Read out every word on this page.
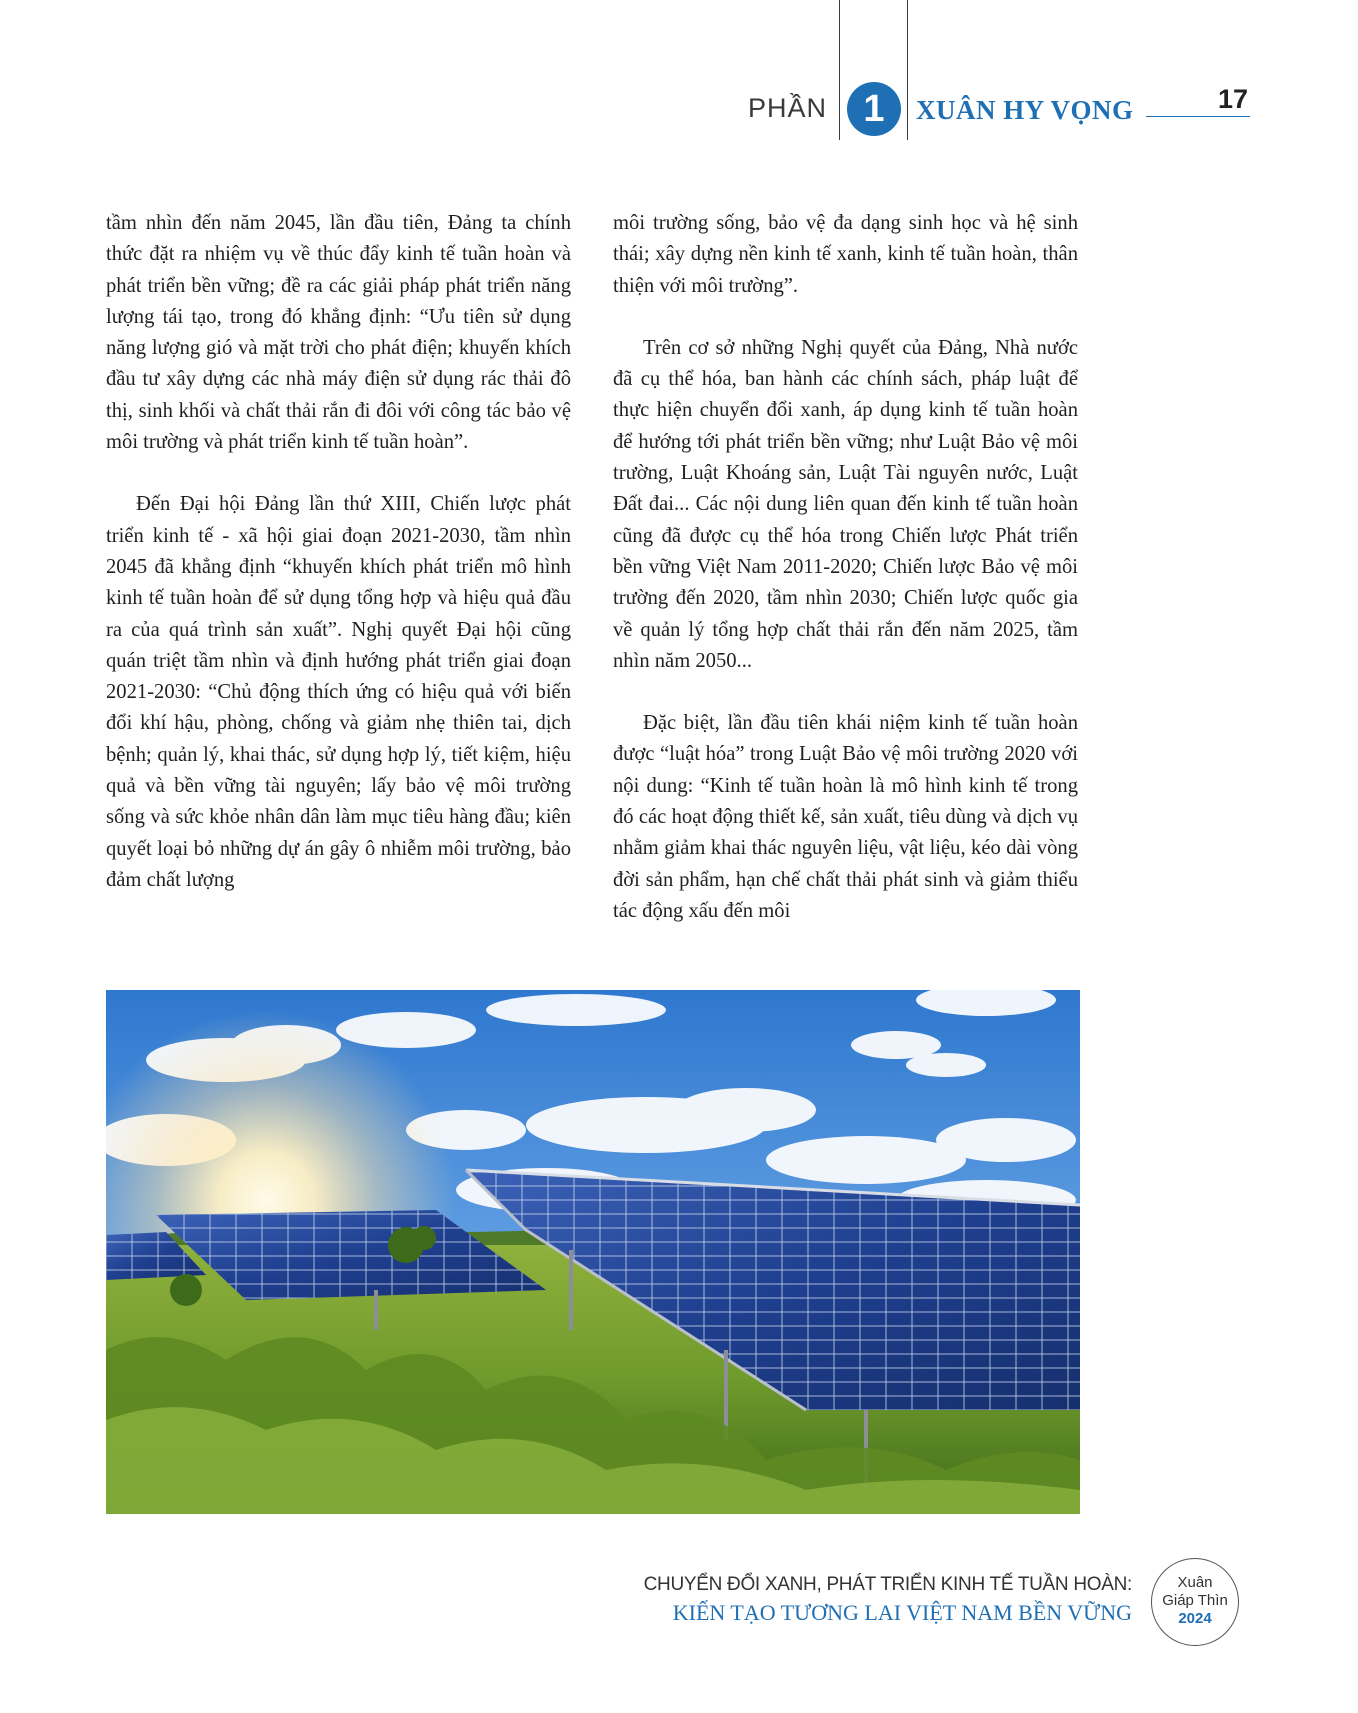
PHẦN 1	XUÂN HY VỌNG	17

tầm nhìn đến năm 2045, lần đầu tiên, Đảng ta chính thức đặt ra nhiệm vụ về thúc đẩy kinh tế tuần hoàn và phát triển bền vững; đề ra các giải pháp phát triển năng lượng tái tạo, trong đó khẳng định: “Ưu tiên sử dụng năng lượng gió và mặt trời cho phát điện; khuyến khích đầu tư xây dựng các nhà máy điện sử dụng rác thải đô thị, sinh khối và chất thải rắn đi đôi với công tác bảo vệ môi trường và phát triển kinh tế tuần hoàn”.

Đến Đại hội Đảng lần thứ XIII, Chiến lược phát triển kinh tế - xã hội giai đoạn 2021-2030, tầm nhìn 2045 đã khẳng định “khuyến khích phát triển mô hình kinh tế tuần hoàn để sử dụng tổng hợp và hiệu quả đầu ra của quá trình sản xuất”. Nghị quyết Đại hội cũng quán triệt tầm nhìn và định hướng phát triển giai đoạn 2021-2030: “Chủ động thích ứng có hiệu quả với biến đổi khí hậu, phòng, chống và giảm nhẹ thiên tai, dịch bệnh; quản lý, khai thác, sử dụng hợp lý, tiết kiệm, hiệu quả và bền vững tài nguyên; lấy bảo vệ môi trường sống và sức khỏe nhân dân làm mục tiêu hàng đầu; kiên quyết loại bỏ những dự án gây ô nhiễm môi trường, bảo đảm chất lượng

môi trường sống, bảo vệ đa dạng sinh học và hệ sinh thái; xây dựng nền kinh tế xanh, kinh tế tuần hoàn, thân thiện với môi trường”.

Trên cơ sở những Nghị quyết của Đảng, Nhà nước đã cụ thể hóa, ban hành các chính sách, pháp luật để thực hiện chuyển đổi xanh, áp dụng kinh tế tuần hoàn để hướng tới phát triển bền vững; như Luật Bảo vệ môi trường, Luật Khoáng sản, Luật Tài nguyên nước, Luật Đất đai... Các nội dung liên quan đến kinh tế tuần hoàn cũng đã được cụ thể hóa trong Chiến lược Phát triển bền vững Việt Nam 2011-2020; Chiến lược Bảo vệ môi trường đến 2020, tầm nhìn 2030; Chiến lược quốc gia về quản lý tổng hợp chất thải rắn đến năm 2025, tầm nhìn năm 2050...

Đặc biệt, lần đầu tiên khái niệm kinh tế tuần hoàn được “luật hóa” trong Luật Bảo vệ môi trường 2020 với nội dung: “Kinh tế tuần hoàn là mô hình kinh tế trong đó các hoạt động thiết kế, sản xuất, tiêu dùng và dịch vụ nhằm giảm khai thác nguyên liệu, vật liệu, kéo dài vòng đời sản phẩm, hạn chế chất thải phát sinh và giảm thiểu tác động xấu đến môi

CHUYỂN ĐỔI XANH, PHÁT TRIỂN KINH TẾ TUẦN HOÀN:
KIẾN TẠO TƯƠNG LAI VIỆT NAM BỀN VỮNG
Xuân
Giáp Thìn
2024
